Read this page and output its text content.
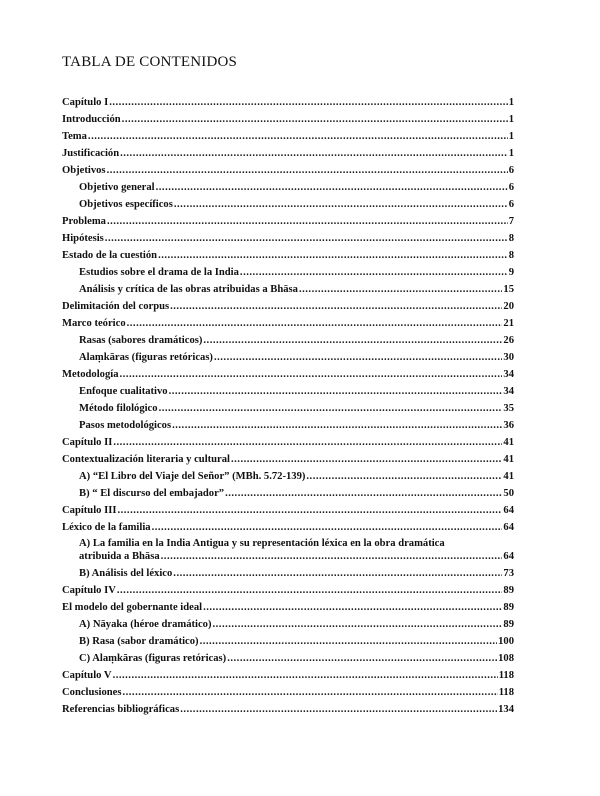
TABLA DE CONTENIDOS
Capítulo I .....	1
Introducción .....	1
Tema .....	1
Justificación .....	1
Objetivos .....	6
Objetivo general .....	6
Objetivos específicos .....	6
Problema .....	7
Hipótesis .....	8
Estado de la cuestión .....	8
Estudios sobre el drama de la India .....	9
Análisis y crítica de las obras atribuidas a Bhāsa .....	15
Delimitación del corpus .....	20
Marco teórico .....	21
Rasas (sabores dramáticos) .....	26
Alaṃkāras (figuras retóricas) .....	30
Metodología .....	34
Enfoque cualitativo .....	34
Método filológico .....	35
Pasos metodológicos .....	36
Capítulo II .....	41
Contextualización literaria y cultural .....	41
A) “El Libro del Viaje del Señor” (MBh. 5.72-139) .....	41
B) “ El discurso del embajador” .....	50
Capítulo III .....	64
Léxico de la familia .....	64
A) La familia en la India Antigua y su representación léxica en la obra dramática
atribuida a Bhāsa .....	64
B) Análisis del léxico .....	73
Capítulo IV .....	89
El modelo del gobernante ideal .....	89
A) Nāyaka (héroe dramático) .....	89
B) Rasa (sabor dramático) .....	100
C) Alaṃkāras (figuras retóricas) .....	108
Capítulo V .....	118
Conclusiones .....	118
Referencias bibliográficas .....	134
